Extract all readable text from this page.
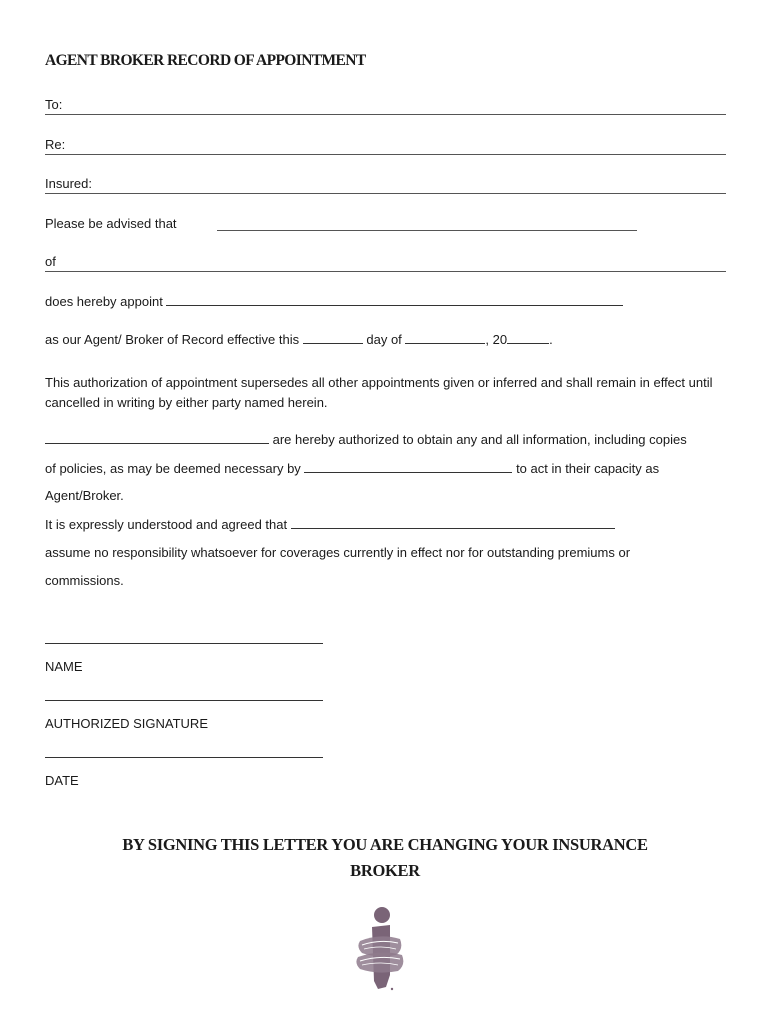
AGENT BROKER RECORD OF APPOINTMENT
To:
Re:
Insured:
Please be advised that
of
does hereby appoint
as our Agent/ Broker of Record effective this	day of	, 20	.
This authorization of appointment supersedes all other appointments given or inferred and shall remain in effect until cancelled in writing by either party named herein.
are hereby authorized to obtain any and all information, including copies
of policies, as may be deemed necessary by	to act in their capacity as
Agent/Broker.
It is expressly understood and agreed that
assume no responsibility whatsoever for coverages currently in effect nor for outstanding premiums or
commissions.
NAME
AUTHORIZED SIGNATURE
DATE
BY SIGNING THIS LETTER YOU ARE CHANGING YOUR INSURANCE
BROKER
